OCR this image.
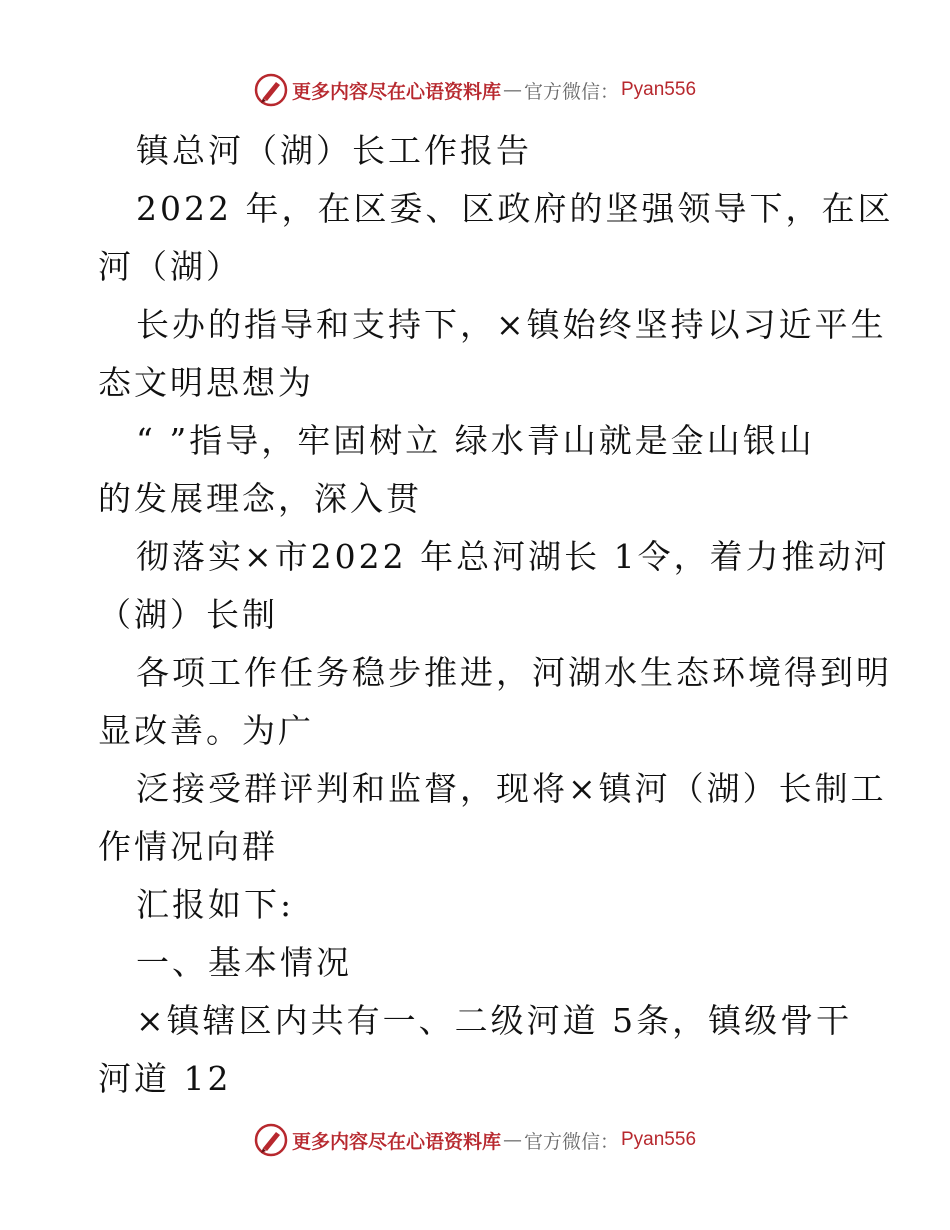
更多内容尽在心语资料库 — 官方微信： Pyan556
镇总河（湖）长工作报告
2022 年，在区委、区政府的坚强领导下，在区
河（湖）
长办的指导和支持下，×镇始终坚持以习近平生
态文明思想为
“ ”指导，牢固树立 绿水青山就是金山银山
的发展理念，深入贯
彻落实×市2022 年总河湖长 1令，着力推动河
（湖）长制
各项工作任务稳步推进，河湖水生态环境得到明
显改善。为广
泛接受群评判和监督，现将×镇河（湖）长制工
作情况向群
汇报如下:
一、基本情况
×镇辖区内共有一、二级河道 5条，镇级骨干
河道 12
更多内容尽在心语资料库 — 官方微信： Pyan556
